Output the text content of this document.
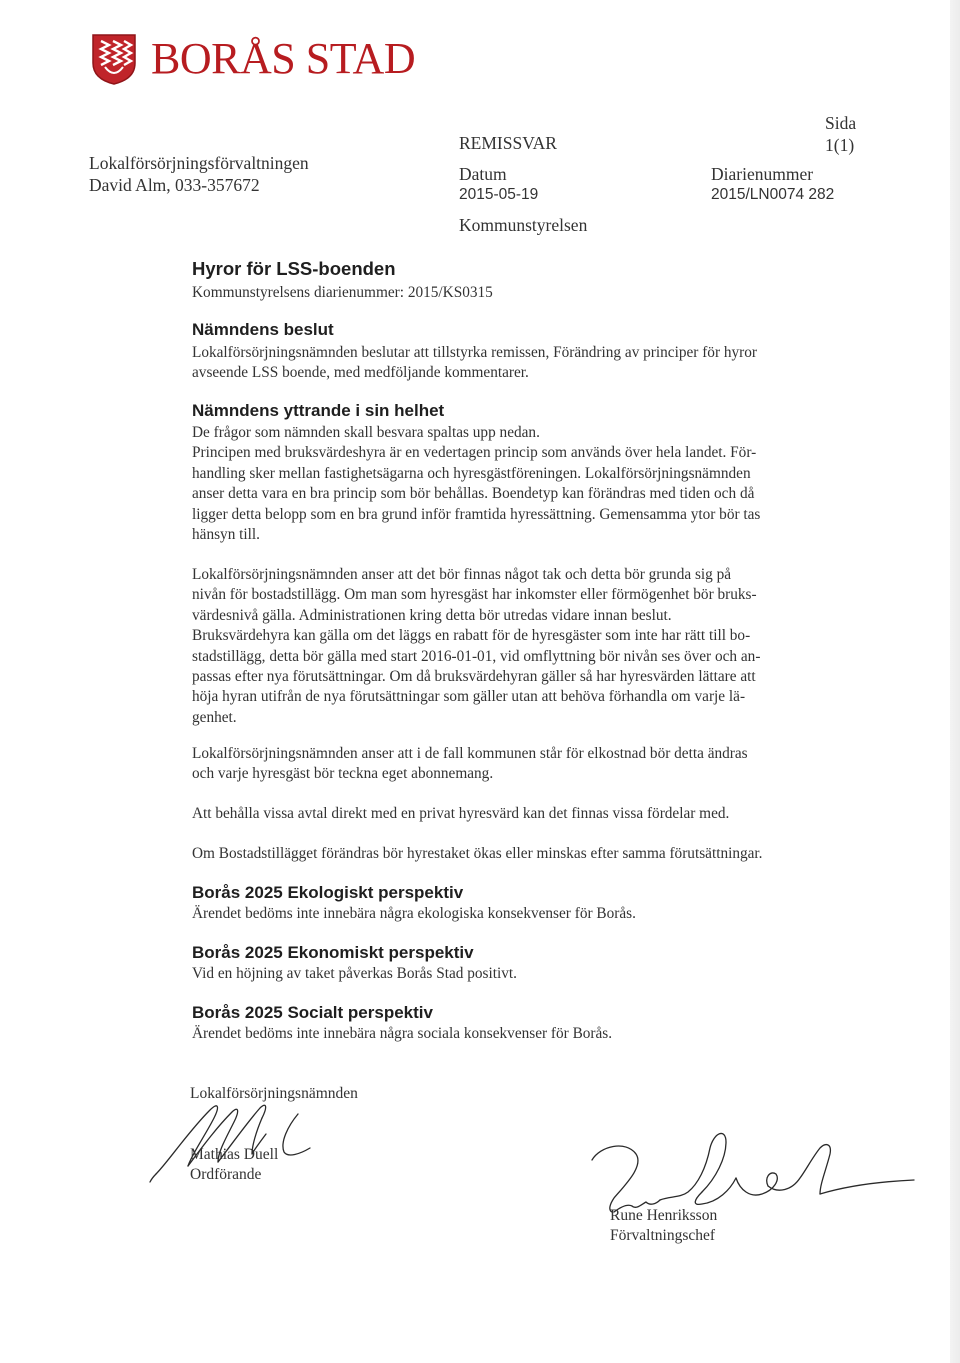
BORÅS STAD
Lokalförsörjningsförvaltningen
David Alm, 033-357672
REMISSVAR
Datum
2015-05-19
Kommunstyrelsen
Sida
1(1)
Diarienummer
2015/LN0074 282
Hyror för LSS-boenden
Kommunstyrelsens diarienummer: 2015/KS0315
Nämndens beslut
Lokalförsörjningsnämnden beslutar att tillstyrka remissen, Förändring av principer för hyror
avseende LSS boende, med medföljande kommentarer.
Nämndens yttrande i sin helhet
De frågor som nämnden skall besvara spaltas upp nedan.
Principen med bruksvärdeshyra är en vedertagen princip som används över hela landet. För-
handling sker mellan fastighetsägarna och hyresgästföreningen. Lokalförsörjningsnämnden
anser detta vara en bra princip som bör behållas. Boendetyp kan förändras med tiden och då
ligger detta belopp som en bra grund inför framtida hyressättning. Gemensamma ytor bör tas
hänsyn till.
Lokalförsörjningsnämnden anser att det bör finnas något tak och detta bör grunda sig på
nivån för bostadstillägg. Om man som hyresgäst har inkomster eller förmögenhet bör bruks-
värdesnivå gälla. Administrationen kring detta bör utredas vidare innan beslut.
Bruksvärdehyra kan gälla om det läggs en rabatt för de hyresgäster som inte har rätt till bo-
stadstillägg, detta bör gälla med start 2016-01-01, vid omflyttning bör nivån ses över och an-
passas efter nya förutsättningar. Om då bruksvärdehyran gäller så har hyresvärden lättare att
höja hyran utifrån de nya förutsättningar som gäller utan att behöva förhandla om varje lä-
genhet.
Lokalförsörjningsnämnden anser att i de fall kommunen står för elkostnad bör detta ändras
och varje hyresgäst bör teckna eget abonnemang.
Att behålla vissa avtal direkt med en privat hyresvärd kan det finnas vissa fördelar med.
Om Bostadstillägget förändras bör hyrestaket ökas eller minskas efter samma förutsättningar.
Borås 2025 Ekologiskt perspektiv
Ärendet bedöms inte innebära några ekologiska konsekvenser för Borås.
Borås 2025 Ekonomiskt perspektiv
Vid en höjning av taket påverkas Borås Stad positivt.
Borås 2025 Socialt perspektiv
Ärendet bedöms inte innebära några sociala konsekvenser för Borås.
Lokalförsörjningsnämnden
Mathias Duell
Ordförande
Rune Henriksson
Förvaltningschef
